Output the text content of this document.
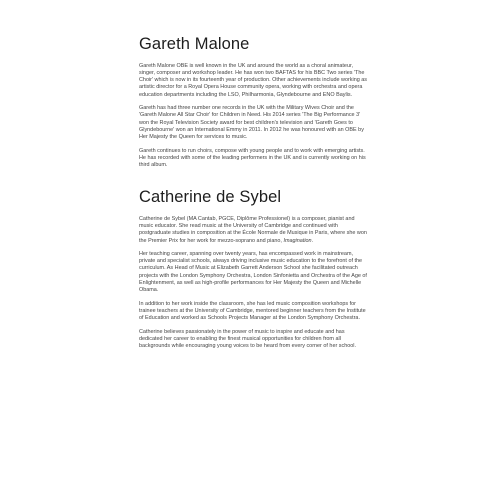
Gareth Malone

Gareth Malone OBE is well known in the UK and around the world as a choral animateur, singer, composer and workshop leader. He has won two BAFTAS for his BBC Two series 'The Choir' which is now in its fourteenth year of production. Other achievements include working as artistic director for a Royal Opera House community opera, working with orchestra and opera education departments including the LSO, Philharmonia, Glyndebourne and ENO Baylis.

Gareth has had three number one records in the UK with the Military Wives Choir and the 'Gareth Malone All Star Choir' for Children in Need. His 2014 series 'The Big Performance 3' won the Royal Television Society award for best children's television and 'Gareth Goes to Glyndebourne' won an International Emmy in 2011. In 2012 he was honoured with an OBE by Her Majesty the Queen for services to music.

Gareth continues to run choirs, compose with young people and to work with emerging artists. He has recorded with some of the leading performers in the UK and is currently working on his third album.

Catherine de Sybel

Catherine de Sybel (MA Cantab, PGCE, Diplôme Professionel) is a composer, pianist and music educator. She read music at the University of Cambridge and continued with postgraduate studies in composition at the École Normale de Musique in Paris, where she won the Premier Prix for her work for mezzo-soprano and piano, Imagination.

Her teaching career, spanning over twenty years, has encompassed work in mainstream, private and specialist schools, always driving inclusive music education to the forefront of the curriculum. As Head of Music at Elizabeth Garrett Anderson School she facilitated outreach projects with the London Symphony Orchestra, London Sinfonietta and Orchestra of the Age of Enlightenment, as well as high-profile performances for Her Majesty the Queen and Michelle Obama.

In addition to her work inside the classroom, she has led music composition workshops for trainee teachers at the University of Cambridge, mentored beginner teachers from the Institute of Education and worked as Schools Projects Manager at the London Symphony Orchestra.

Catherine believes passionately in the power of music to inspire and educate and has dedicated her career to enabling the finest musical opportunities for children from all backgrounds while encouraging young voices to be heard from every corner of her school.
